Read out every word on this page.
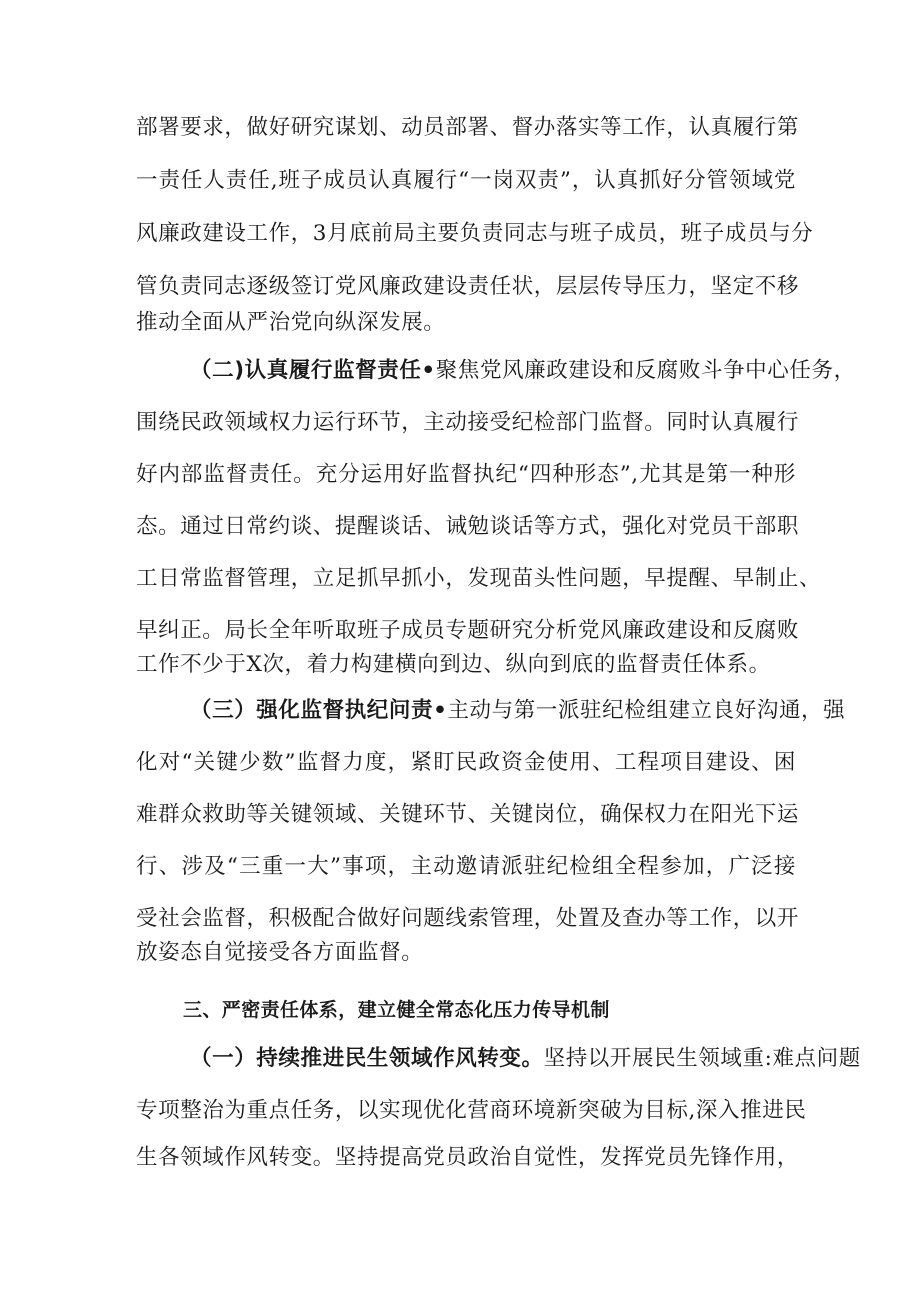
部署要求，做好研究谋划、动员部署、督办落实等工作，认真履行第
一责任人责任,班子成员认真履行“一岗双责”，认真抓好分管领域党
风廉政建设工作，3月底前局主要负责同志与班子成员，班子成员与分
管负责同志逐级签订党风廉政建设责任状，层层传导压力，坚定不移
推动全面从严治党向纵深发展。
（二)认真履行监督责任•聚焦党风廉政建设和反腐败斗争中心任务，
围绕民政领域权力运行环节，主动接受纪检部门监督。同时认真履行
好内部监督责任。充分运用好监督执纪“四种形态”,尤其是第一种形
态。通过日常约谈、提醒谈话、诫勉谈话等方式，强化对党员干部职
工日常监督管理，立足抓早抓小，发现苗头性问题，早提醒、早制止、
早纠正。局长全年听取班子成员专题研究分析党风廉政建设和反腐败
工作不少于X次，着力构建横向到边、纵向到底的监督责任体系。
（三）强化监督执纪问责•主动与第一派驻纪检组建立良好沟通，强
化对“关键少数”监督力度，紧盯民政资金使用、工程项目建设、困
难群众救助等关键领域、关键环节、关键岗位，确保权力在阳光下运
行、涉及“三重一大”事项，主动邀请派驻纪检组全程参加，广泛接
受社会监督，积极配合做好问题线索管理，处置及查办等工作，以开
放姿态自觉接受各方面监督。
三、严密责任体系，建立健全常态化压力传导机制
（一）持续推进民生领域作风转变。坚持以开展民生领域重:难点问题
专项整治为重点任务，以实现优化营商环境新突破为目标,深入推进民
生各领域作风转变。坚持提高党员政治自觉性，发挥党员先锋作用，
